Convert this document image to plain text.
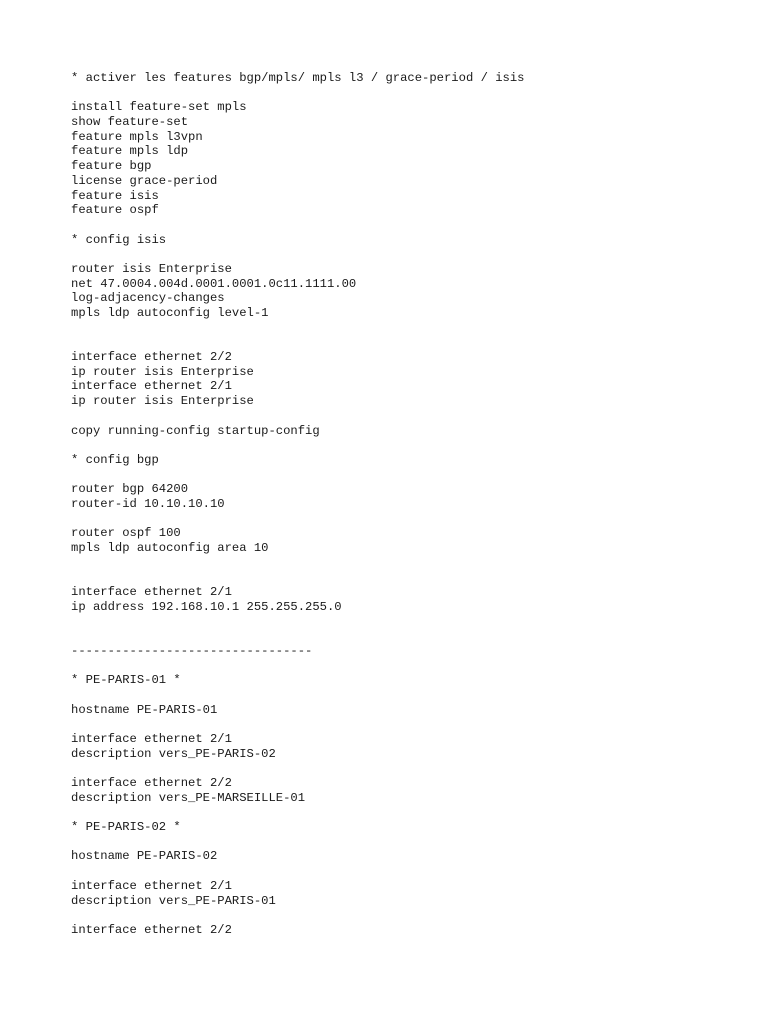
* activer les features bgp/mpls/ mpls l3 / grace-period / isis
install feature-set mpls
show feature-set
feature mpls l3vpn
feature mpls ldp
feature bgp
license grace-period
feature isis
feature ospf
* config isis
router isis Enterprise
net 47.0004.004d.0001.0001.0c11.1111.00
log-adjacency-changes
mpls ldp autoconfig level-1
interface ethernet 2/2
ip router isis Enterprise
interface ethernet 2/1
ip router isis Enterprise
copy running-config startup-config
* config bgp
router bgp 64200
router-id 10.10.10.10
router ospf 100
mpls ldp autoconfig area 10
interface ethernet 2/1
ip address 192.168.10.1 255.255.255.0
---------------------------------
* PE-PARIS-01 *
hostname PE-PARIS-01
interface ethernet 2/1
description vers_PE-PARIS-02
interface ethernet 2/2
description vers_PE-MARSEILLE-01
* PE-PARIS-02 *
hostname PE-PARIS-02
interface ethernet 2/1
description vers_PE-PARIS-01
interface ethernet 2/2
